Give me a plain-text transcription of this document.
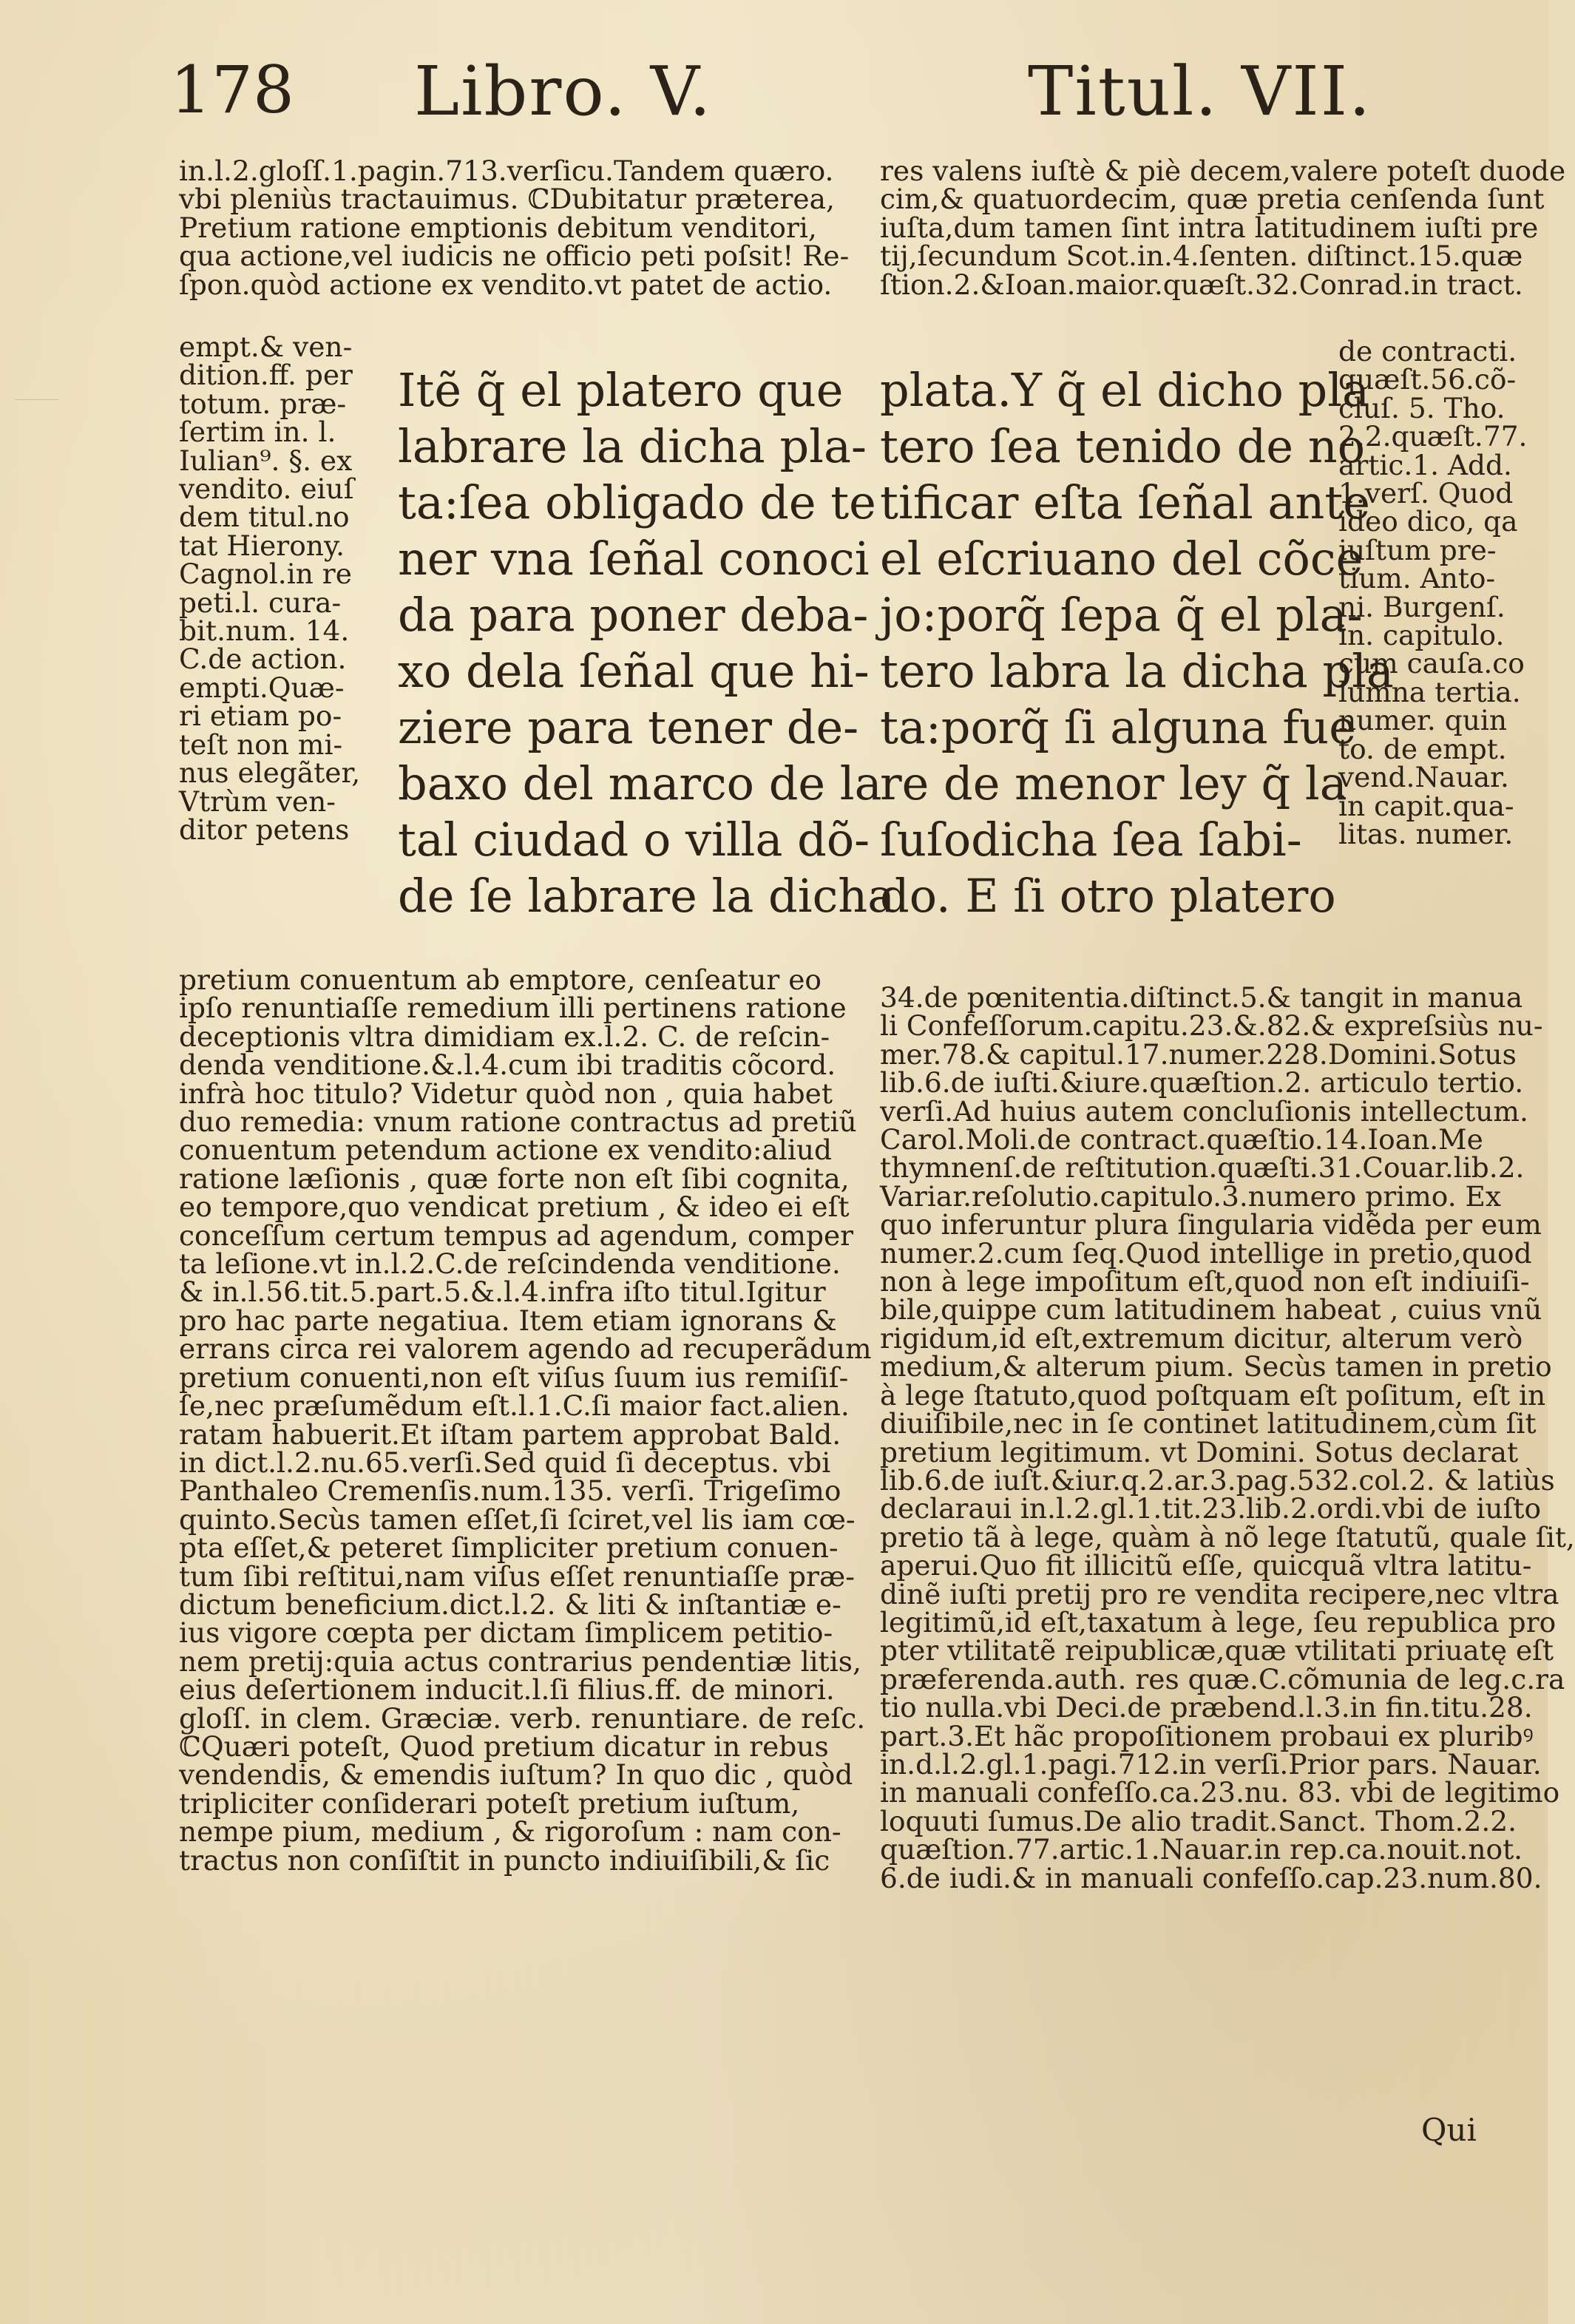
178 Libro. V.	Titul. VII.
in.l.2.gloſſ.1.pagin.713.verſicu.Tandem quæro.
vbi pleniùs tractauimus. ℂDubitatur præterea,
Pretium ratione emptionis debitum venditori,
qua actione,vel iudicis ne officio peti poſsit! Re-
ſpon.quòd actione ex vendito.vt patet de actio.
empt.& ven-
dition.ff. per
totum. præ-
ſertim in. l.
Iulian⁹. §. ex
vendito. eiuſ
dem titul.no
tat Hierony.
Cagnol.in re
peti.l. cura-
bit.num. 14.
C.de action.
empti.Quæ-
ri etiam po-
teſt non mi-
nus elegãter,
Vtrùm ven-
ditor petens
Itẽ q̃ el platero que
labrare la dicha pla-
ta:ſea obligado de te
ner vna ſeñal conoci
da para poner deba-
xo dela ſeñal que hi-
ziere para tener de-
baxo del marco de la
tal ciudad o villa dõ-
de ſe labrare la dicha
pretium conuentum ab emptore, cenſeatur eo
ipſo renuntiaſſe remedium illi pertinens ratione
deceptionis vltra dimidiam ex.l.2. C. de reſcin-
denda venditione.&.l.4.cum ibi traditis cõcord.
infrà hoc titulo? Videtur quòd non , quia habet
duo remedia: vnum ratione contractus ad pretiũ
conuentum petendum actione ex vendito:aliud
ratione læſionis , quæ forte non eſt ſibi cognita,
eo tempore,quo vendicat pretium , & ideo ei eſt
conceſſum certum tempus ad agendum, comper
ta leſione.vt in.l.2.C.de reſcindenda venditione.
& in.l.56.tit.5.part.5.&.l.4.infra iſto titul.Igitur
pro hac parte negatiua. Item etiam ignorans &
errans circa rei valorem agendo ad recuperãdum
pretium conuenti,non eſt viſus ſuum ius remiſiſ-
ſe,nec præſumẽdum eſt.l.1.C.ſi maior fact.alien.
ratam habuerit.Et iſtam partem approbat Bald.
in dict.l.2.nu.65.verſi.Sed quid ſi deceptus. vbi
Panthaleo Cremenſis.num.135. verſi. Trigeſimo
quinto.Secùs tamen eſſet,ſi ſciret,vel lis iam cœ-
pta eſſet,& peteret ſimpliciter pretium conuen-
tum ſibi reſtitui,nam viſus eſſet renuntiaſſe præ-
dictum beneficium.dict.l.2. & liti & inſtantiæ e-
ius vigore cœpta per dictam ſimplicem petitio-
nem pretij:quia actus contrarius pendentiæ litis,
eius deſertionem inducit.l.ſi filius.ff. de minori.
gloſſ. in clem. Græciæ. verb. renuntiare. de reſc.
ℂQuæri poteſt, Quod pretium dicatur in rebus
vendendis, & emendis iuſtum? In quo dic , quòd
tripliciter conſiderari poteſt pretium iuſtum,
nempe pium, medium , & rigoroſum : nam con-
tractus non conſiſtit in puncto indiuiſibili,& ſic
res valens iuſtè & piè decem,valere poteſt duode
cim,& quatuordecim, quæ pretia cenſenda ſunt
iuſta,dum tamen ſint intra latitudinem iuſti pre
tij,ſecundum Scot.in.4.ſenten. diſtinct.15.quæ
ſtion.2.&Ioan.maior.quæſt.32.Conrad.in tract.
plata.Y q̃ el dicho pla
tero ſea tenido de no
tificar eſta ſeñal ante
el eſcriuano del cõce
jo:porq̃ ſepa q̃ el pla-
tero labra la dicha pla
ta:porq̃ ſi alguna fue
re de menor ley q̃ la
ſuſodicha ſea ſabi-
do. E ſi otro platero
de contracti.
quæſt.56.cõ-
cluſ. 5. Tho.
2.2.quæſt.77.
artic.1. Add.
1.verſ. Quod
ideo dico, qa
iuſtum pre-
tium. Anto-
ni. Burgenſ.
in. capitulo.
cum cauſa.co
lumna tertia.
numer. quin
to. de empt.
vend.Nauar.
in capit.qua-
litas. numer.
34.de pœnitentia.diſtinct.5.& tangit in manua
li Confeſſorum.capitu.23.&.82.& expreſsiùs nu-
mer.78.& capitul.17.numer.228.Domini.Sotus
lib.6.de iuſti.&iure.quæſtion.2. articulo tertio.
verſi.Ad huius autem concluſionis intellectum.
Carol.Moli.de contract.quæſtio.14.Ioan.Me
thymnenſ.de reſtitution.quæſti.31.Couar.lib.2.
Variar.reſolutio.capitulo.3.numero primo. Ex
quo inferuntur plura ſingularia vidẽda per eum
numer.2.cum ſeq.Quod intellige in pretio,quod
non à lege impoſitum eſt,quod non eſt indiuiſi-
bile,quippe cum latitudinem habeat , cuius vnũ
rigidum,id eſt,extremum dicitur, alterum verò
medium,& alterum pium. Secùs tamen in pretio
à lege ſtatuto,quod poſtquam eſt poſitum, eſt in
diuiſibile,nec in ſe continet latitudinem,cùm ſit
pretium legitimum. vt Domini. Sotus declarat
lib.6.de iuſt.&iur.q.2.ar.3.pag.532.col.2. & latiùs
declaraui in.l.2.gl.1.tit.23.lib.2.ordi.vbi de iuſto
pretio tã à lege, quàm à nõ lege ſtatutũ, quale ſit,
aperui.Quo fit illicitũ eſſe, quicquã vltra latitu-
dinẽ iuſti pretij pro re vendita recipere,nec vltra
legitimũ,id eſt,taxatum à lege, ſeu republica pro
pter vtilitatẽ reipublicæ,quæ vtilitati priuatę eſt
præferenda.auth. res quæ.C.cõmunia de leg.c.ra
tio nulla.vbi Deci.de præbend.l.3.in fin.titu.28.
part.3.Et hãc propoſitionem probaui ex pluribꝰ
in.d.l.2.gl.1.pagi.712.in verſi.Prior pars. Nauar.
in manuali confeſſo.ca.23.nu. 83. vbi de legitimo
loquuti ſumus.De alio tradit.Sanct. Thom.2.2.
quæſtion.77.artic.1.Nauar.in rep.ca.nouit.not.
6.de iudi.& in manuali confeſſo.cap.23.num.80.
Qui
